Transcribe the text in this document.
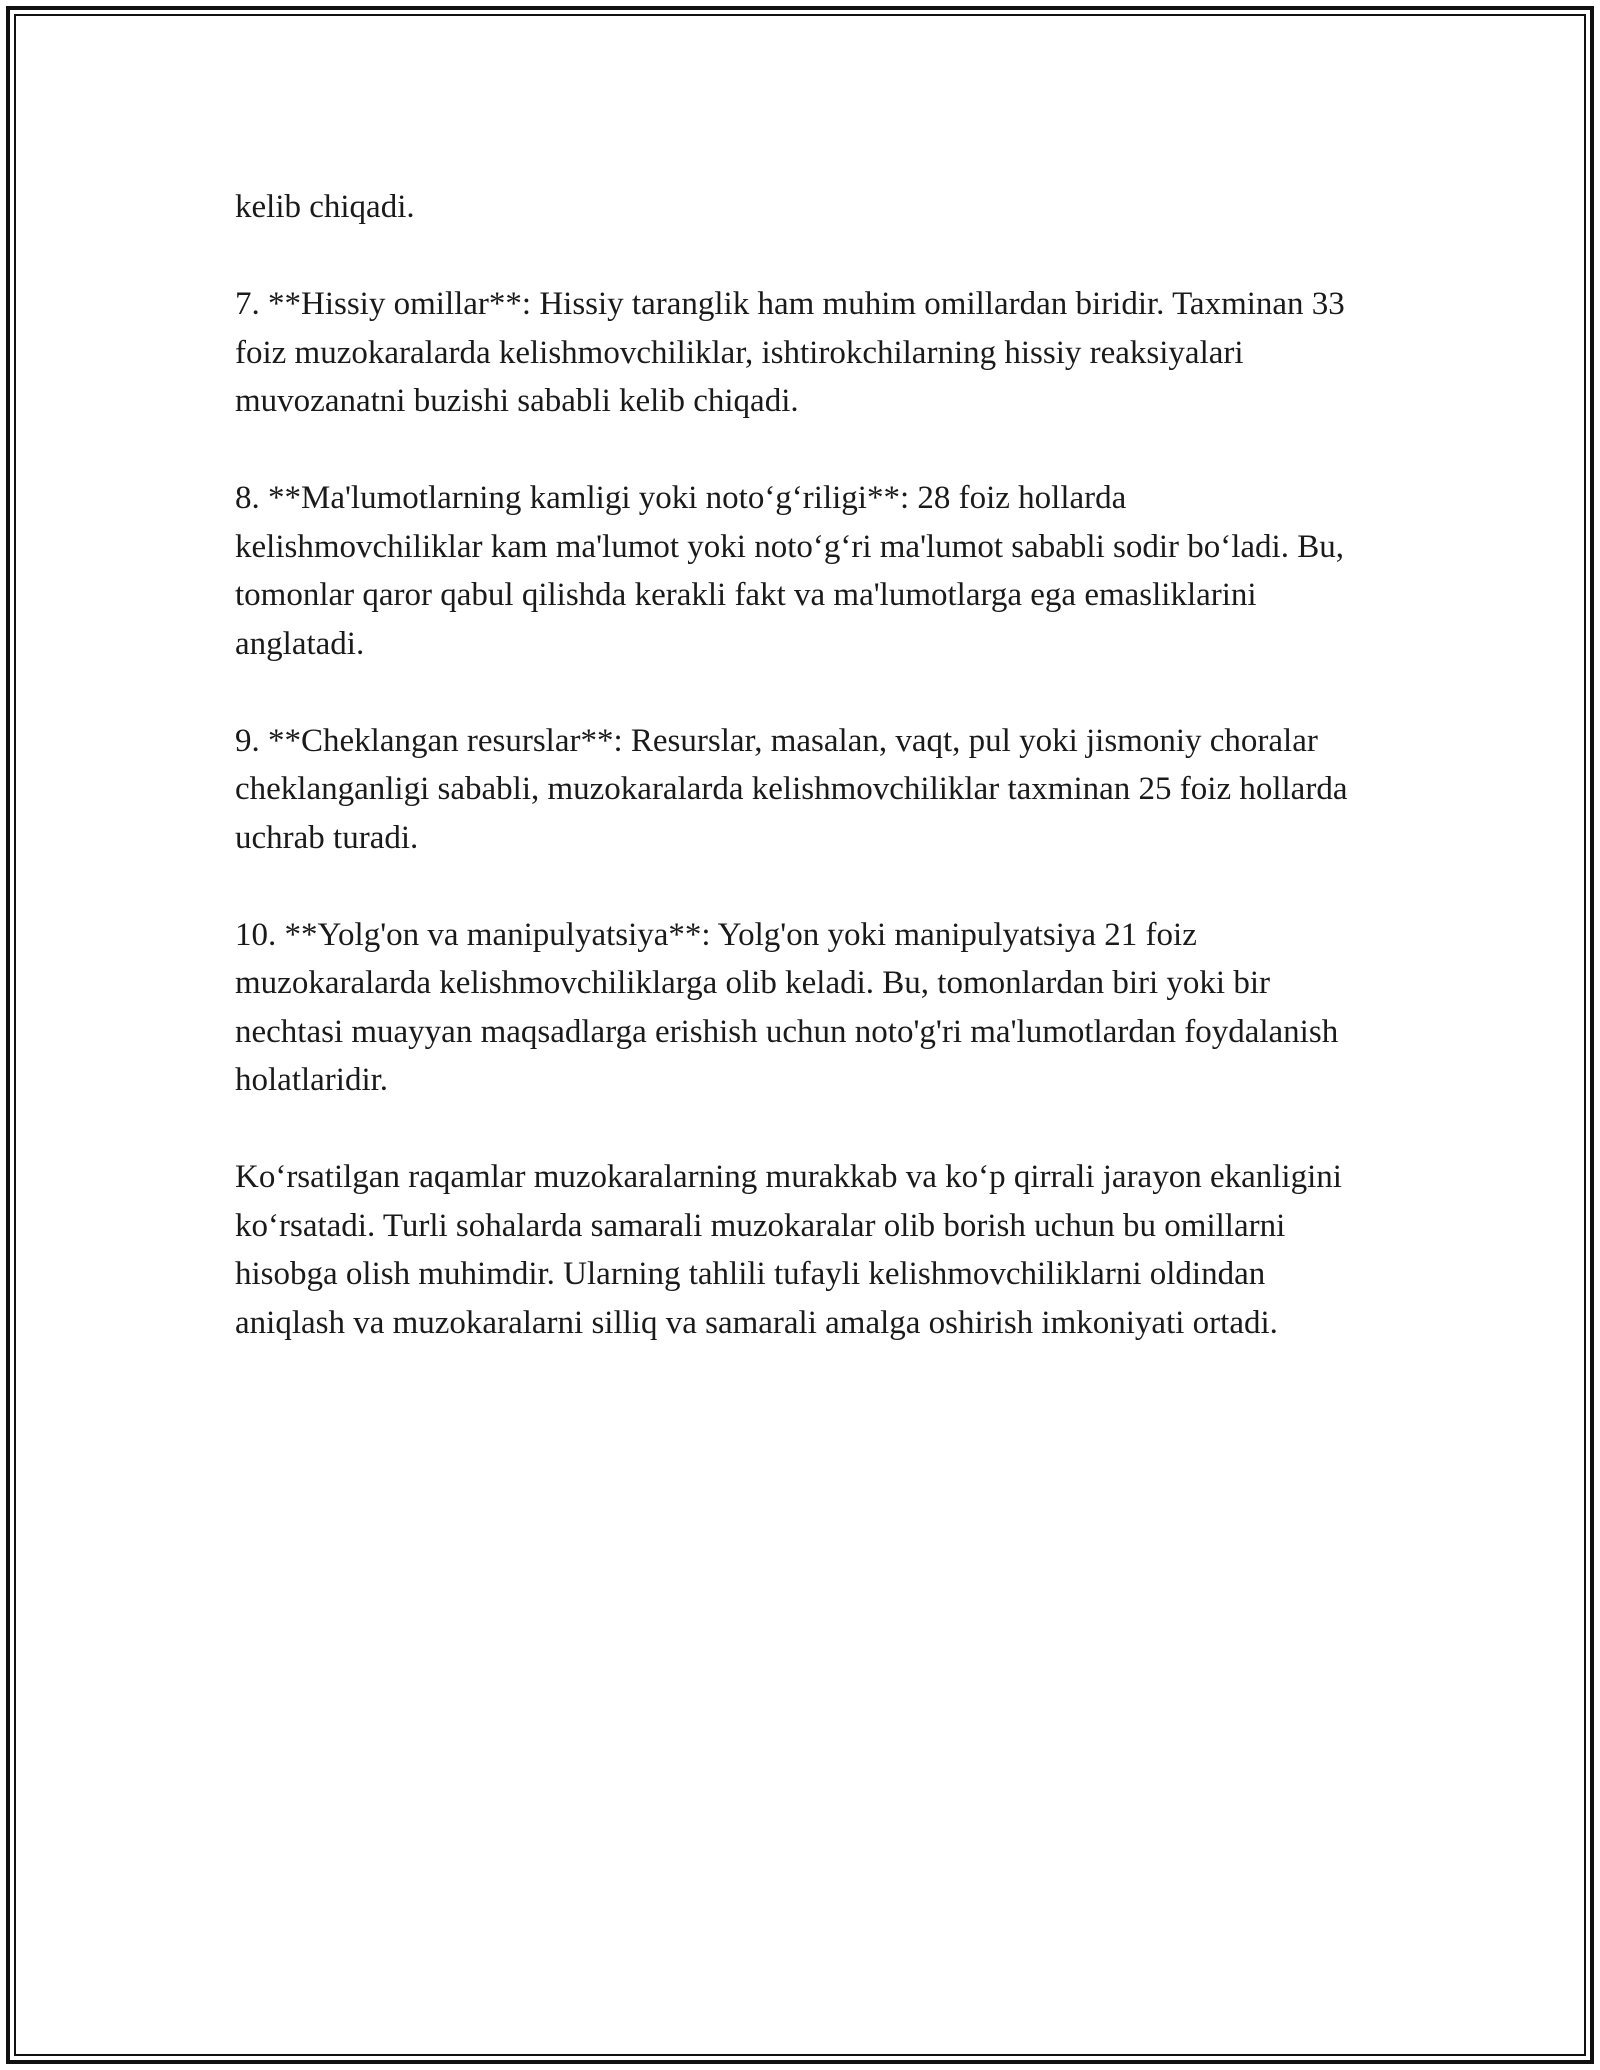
kelib chiqadi.

7. **Hissiy omillar**: Hissiy taranglik ham muhim omillardan biridir. Taxminan 33 foiz muzokaralarda kelishmovchiliklar, ishtirokchilarning hissiy reaksiyalari muvozanatni buzishi sababli kelib chiqadi.

8. **Ma'lumotlarning kamligi yoki noto‘g‘riligi**: 28 foiz hollarda kelishmovchiliklar kam ma'lumot yoki noto‘g‘ri ma'lumot sababli sodir bo‘ladi. Bu, tomonlar qaror qabul qilishda kerakli fakt va ma'lumotlarga ega emasliklarini anglatadi.

9. **Cheklangan resurslar**: Resurslar, masalan, vaqt, pul yoki jismoniy choralar cheklanganligi sababli, muzokaralarda kelishmovchiliklar taxminan 25 foiz hollarda uchrab turadi.

10. **Yolg'on va manipulyatsiya**: Yolg'on yoki manipulyatsiya 21 foiz muzokaralarda kelishmovchiliklarga olib keladi. Bu, tomonlardan biri yoki bir nechtasi muayyan maqsadlarga erishish uchun noto'g'ri ma'lumotlardan foydalanish holatlaridir.

Ko‘rsatilgan raqamlar muzokaralarning murakkab va ko‘p qirrali jarayon ekanligini ko‘rsatadi. Turli sohalarda samarali muzokaralar olib borish uchun bu omillarni hisobga olish muhimdir. Ularning tahlili tufayli kelishmovchiliklarni oldindan aniqlash va muzokaralarni silliq va samarali amalga oshirish imkoniyati ortadi.
